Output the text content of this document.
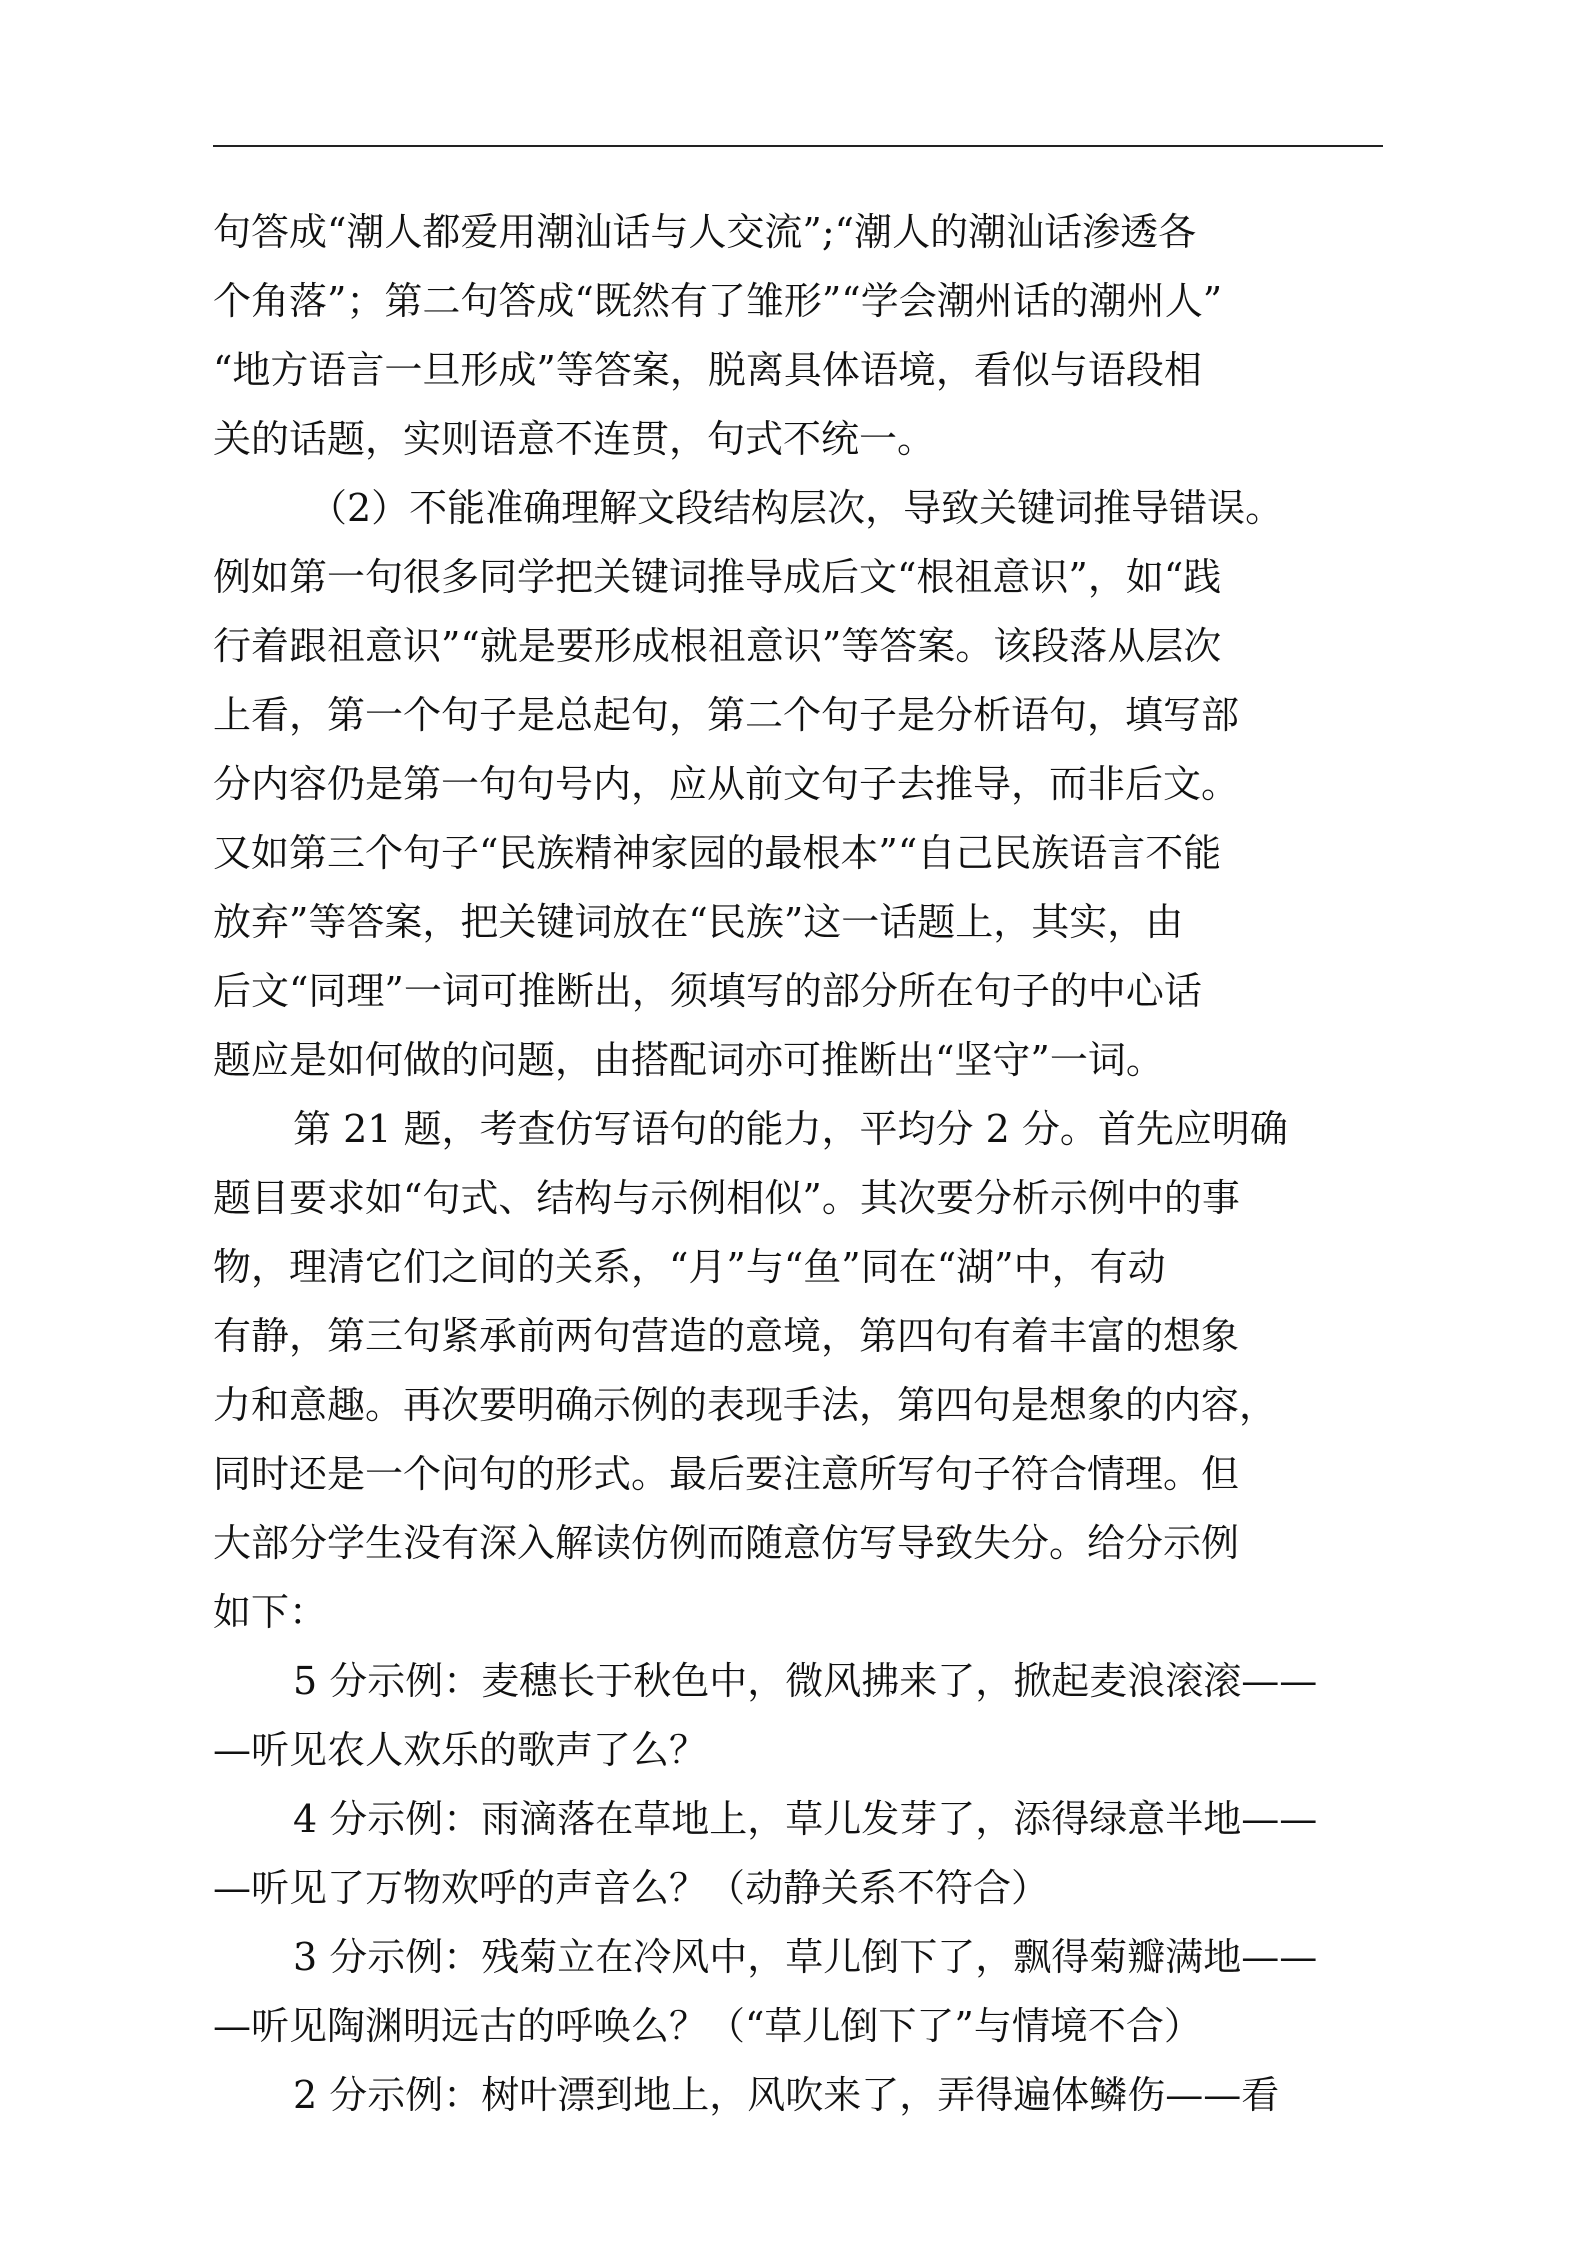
句答成“潮人都爱用潮汕话与人交流”;“潮人的潮汕话渗透各
个角落”；第二句答成“既然有了雏形”“学会潮州话的潮州人”
“地方语言一旦形成”等答案，脱离具体语境，看似与语段相
关的话题，实则语意不连贯，句式不统一。
（2）不能准确理解文段结构层次，导致关键词推导错误。
例如第一句很多同学把关键词推导成后文“根祖意识”，如“践
行着跟祖意识”“就是要形成根祖意识”等答案。该段落从层次
上看，第一个句子是总起句，第二个句子是分析语句，填写部
分内容仍是第一句句号内，应从前文句子去推导，而非后文。
又如第三个句子“民族精神家园的最根本”“自己民族语言不能
放弃”等答案，把关键词放在“民族”这一话题上，其实，由
后文“同理”一词可推断出，须填写的部分所在句子的中心话
题应是如何做的问题，由搭配词亦可推断出“坚守”一词。
第 21 题，考查仿写语句的能力，平均分 2 分。首先应明确
题目要求如“句式、结构与示例相似”。其次要分析示例中的事
物，理清它们之间的关系，“月”与“鱼”同在“湖”中，有动
有静，第三句紧承前两句营造的意境，第四句有着丰富的想象
力和意趣。再次要明确示例的表现手法，第四句是想象的内容，
同时还是一个问句的形式。最后要注意所写句子符合情理。但
大部分学生没有深入解读仿例而随意仿写导致失分。给分示例
如下：
5 分示例：麦穗长于秋色中，微风拂来了，掀起麦浪滚滚——
—听见农人欢乐的歌声了么？
4 分示例：雨滴落在草地上，草儿发芽了，添得绿意半地——
—听见了万物欢呼的声音么？（动静关系不符合）
3 分示例：残菊立在冷风中，草儿倒下了，飘得菊瓣满地——
—听见陶渊明远古的呼唤么？（“草儿倒下了”与情境不合）
2 分示例：树叶漂到地上，风吹来了，弄得遍体鳞伤——看
